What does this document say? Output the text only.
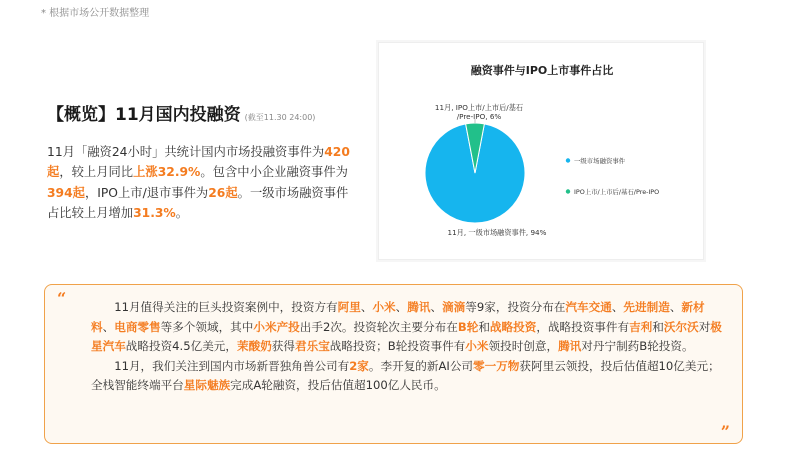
* 根据市场公开数据整理
【概览】11月国内投融资 (截至11.30 24:00)
11月「融资24小时」共统计国内市场投融资事件为420起，较上月同比上涨32.9%。包含中小企业融资事件为394起，IPO上市/退市事件为26起。一级市场融资事件占比较上月增加31.3%。
融资事件与IPO上市事件占比
11月, 一级市场融资事件, 94%
11月, IPO上市/上市后/基石
/Pre-IPO, 6%
一级市场融资事件
IPO上市/上市后/基石/Pre-IPO
“	11月值得关注的巨头投资案例中，投资方有阿里、小米、腾讯、滴滴等9家，投资分布在汽车交通、先进制造、新材料、电商零售等多个领域，其中小米产投出手2次。投资轮次主要分布在B轮和战略投资，战略投资事件有吉利和沃尔沃对极星汽车战略投资4.5亿美元，茉酸奶获得君乐宝战略投资；B轮投资事件有小米领投时创意，腾讯对丹宁制药B轮投资。

11月，我们关注到国内市场新晋独角兽公司有2家。李开复的新AI公司零一万物获阿里云领投，投后估值超10亿美元；全栈智能终端平台星际魅族完成A轮融资，投后估值超100亿人民币。

”
